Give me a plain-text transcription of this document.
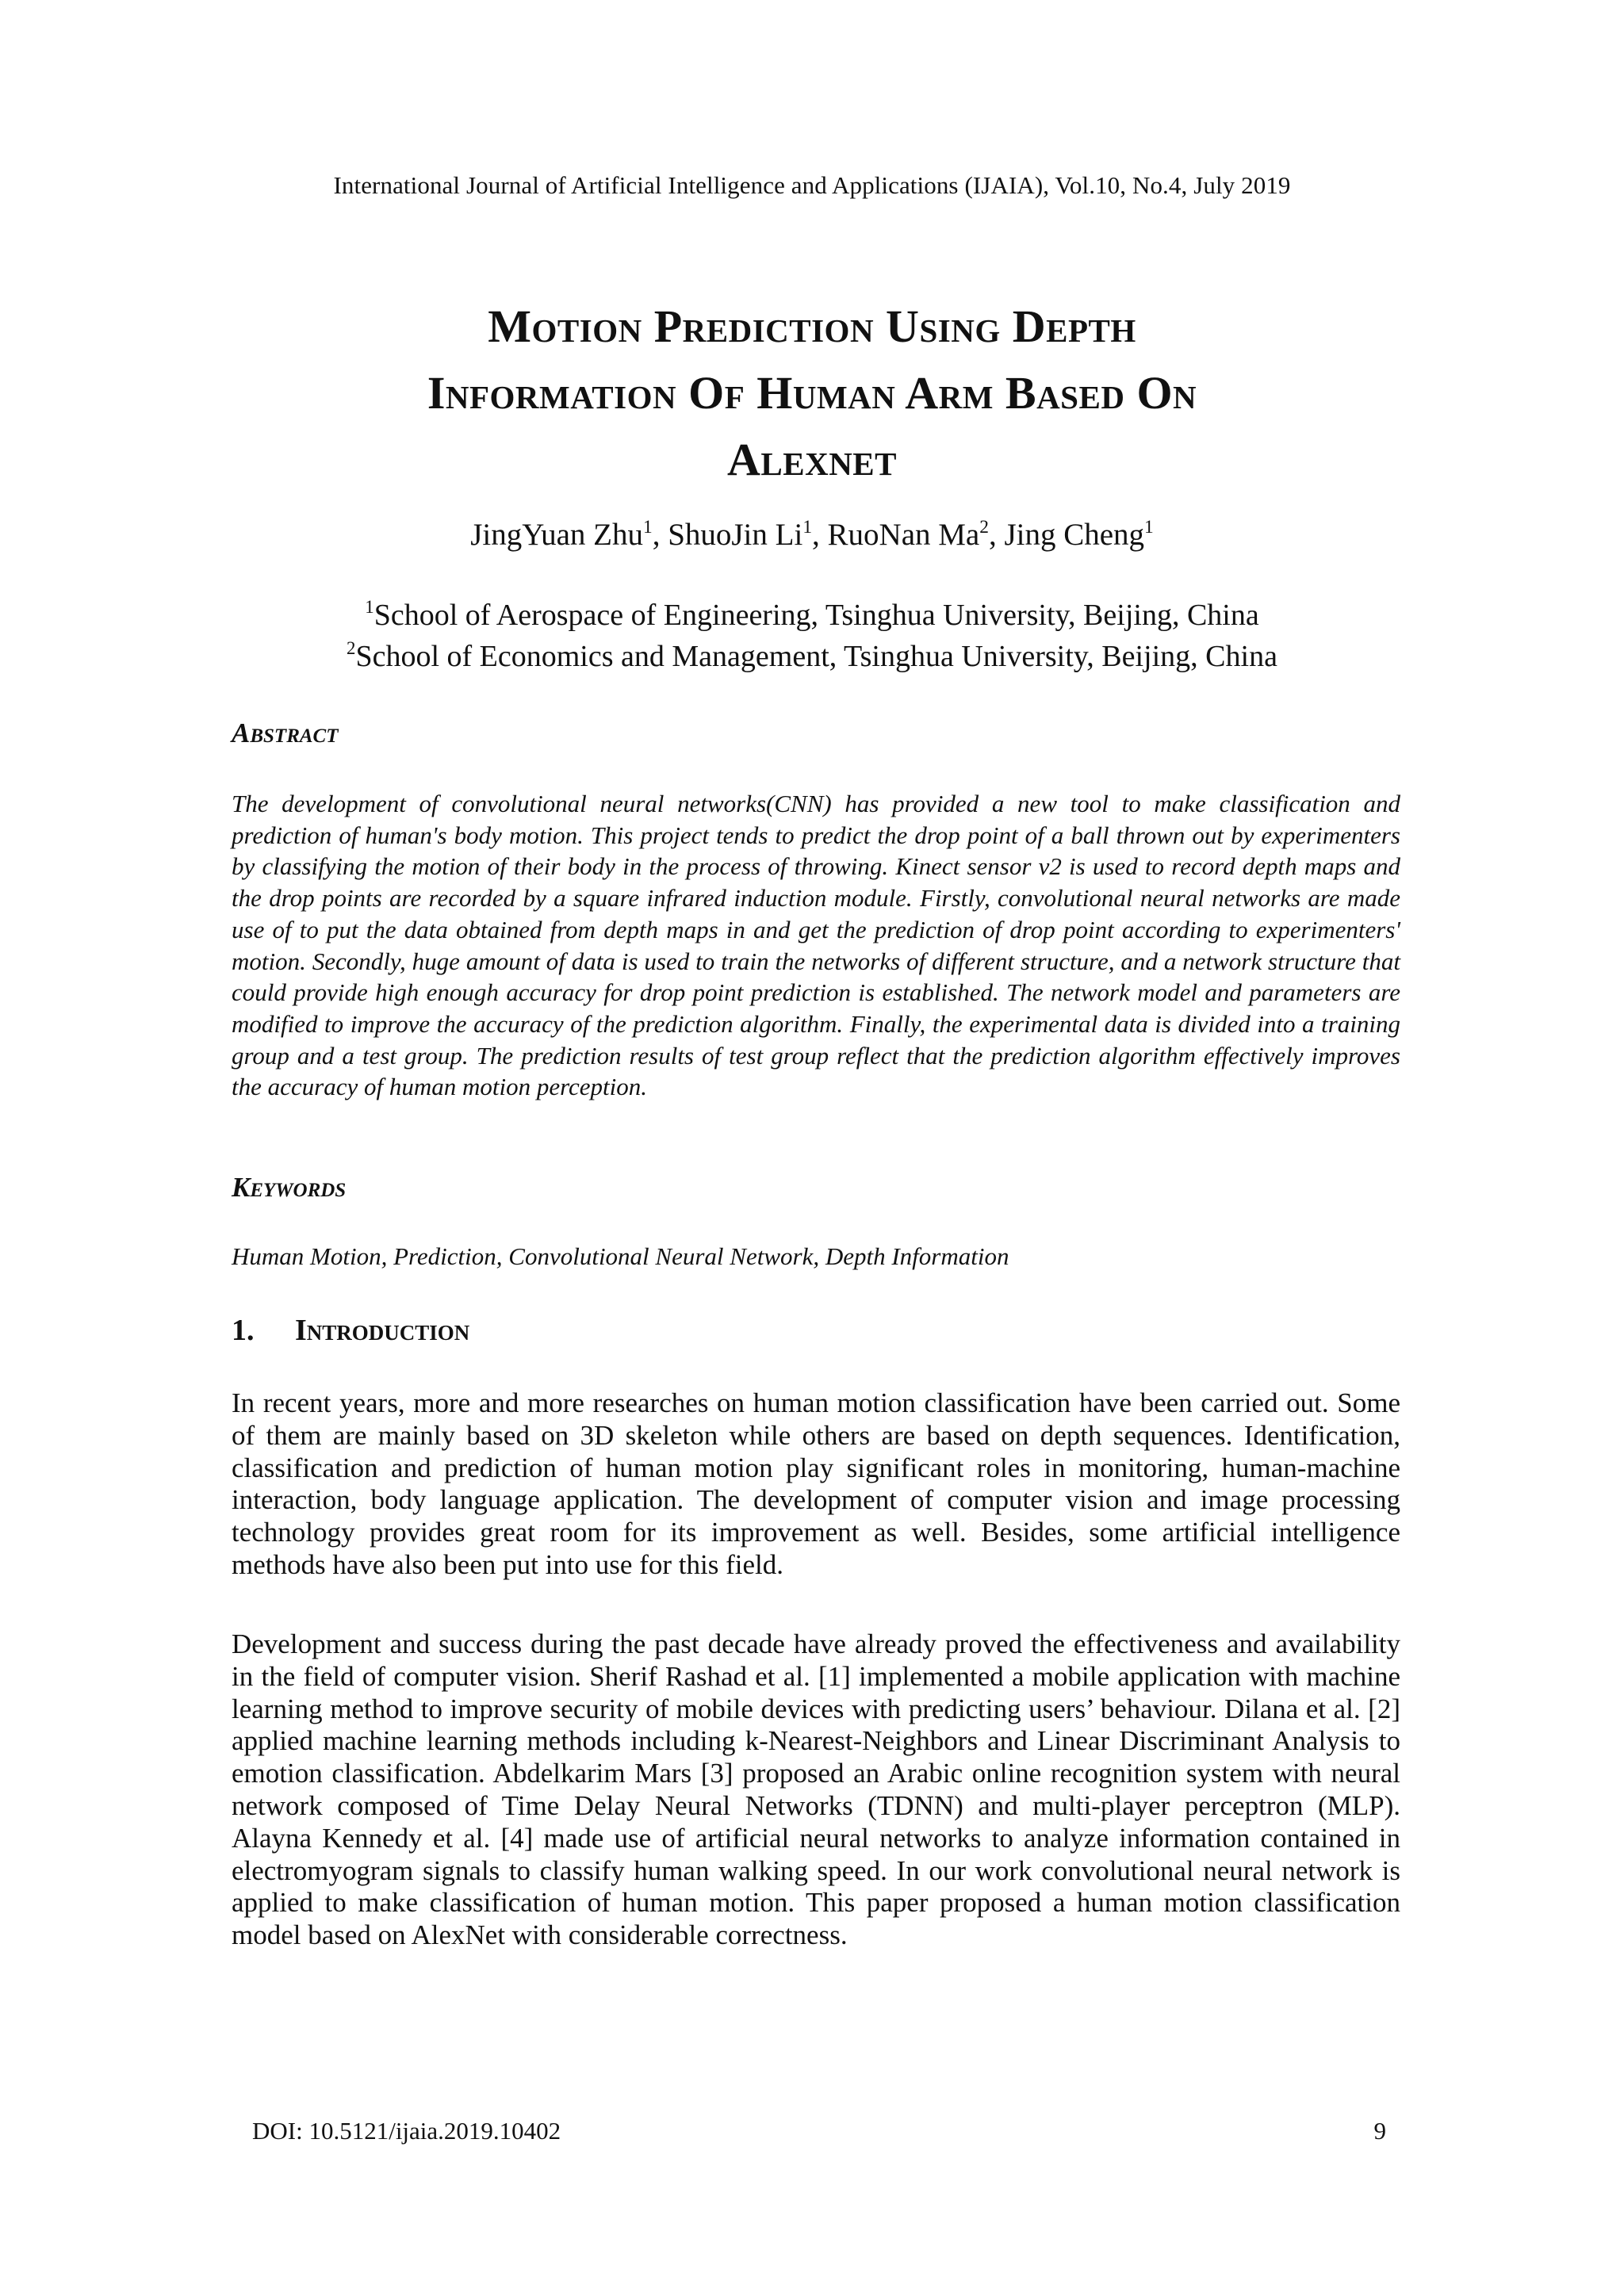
International Journal of Artificial Intelligence and Applications (IJAIA), Vol.10, No.4, July 2019
Motion Prediction Using Depth
Information Of Human Arm Based On
Alexnet
JingYuan Zhu$^1$, ShuoJin Li$^1$, RuoNan Ma$^2$, Jing Cheng$^1$
$^1$School of Aerospace of Engineering, Tsinghua University, Beijing, China
$^2$School of Economics and Management, Tsinghua University, Beijing, China
Abstract
The development of convolutional neural networks(CNN) has provided a new tool to make classification and prediction of human's body motion. This project tends to predict the drop point of a ball thrown out by experimenters by classifying the motion of their body in the process of throwing. Kinect sensor v2 is used to record depth maps and the drop points are recorded by a square infrared induction module. Firstly, convolutional neural networks are made use of to put the data obtained from depth maps in and get the prediction of drop point according to experimenters' motion. Secondly, huge amount of data is used to train the networks of different structure, and a network structure that could provide high enough accuracy for drop point prediction is established. The network model and parameters are modified to improve the accuracy of the prediction algorithm. Finally, the experimental data is divided into a training group and a test group. The prediction results of test group reflect that the prediction algorithm effectively improves the accuracy of human motion perception.
Keywords
Human Motion, Prediction, Convolutional Neural Network, Depth Information
1. Introduction
In recent years, more and more researches on human motion classification have been carried out. Some of them are mainly based on 3D skeleton while others are based on depth sequences. Identification, classification and prediction of human motion play significant roles in monitoring, human-machine interaction, body language application. The development of computer vision and image processing technology provides great room for its improvement as well. Besides, some artificial intelligence methods have also been put into use for this field.
Development and success during the past decade have already proved the effectiveness and availability in the field of computer vision. Sherif Rashad et al. [1] implemented a mobile application with machine learning method to improve security of mobile devices with predicting users’ behaviour. Dilana et al. [2] applied machine learning methods including k-Nearest-Neighbors and Linear Discriminant Analysis to emotion classification. Abdelkarim Mars [3] proposed an Arabic online recognition system with neural network composed of Time Delay Neural Networks (TDNN) and multi-player perceptron (MLP). Alayna Kennedy et al. [4] made use of artificial neural networks to analyze information contained in electromyogram signals to classify human walking speed. In our work convolutional neural network is applied to make classification of human motion. This paper proposed a human motion classification model based on AlexNet with considerable correctness.
DOI: 10.5121/ijaia.2019.10402	9
